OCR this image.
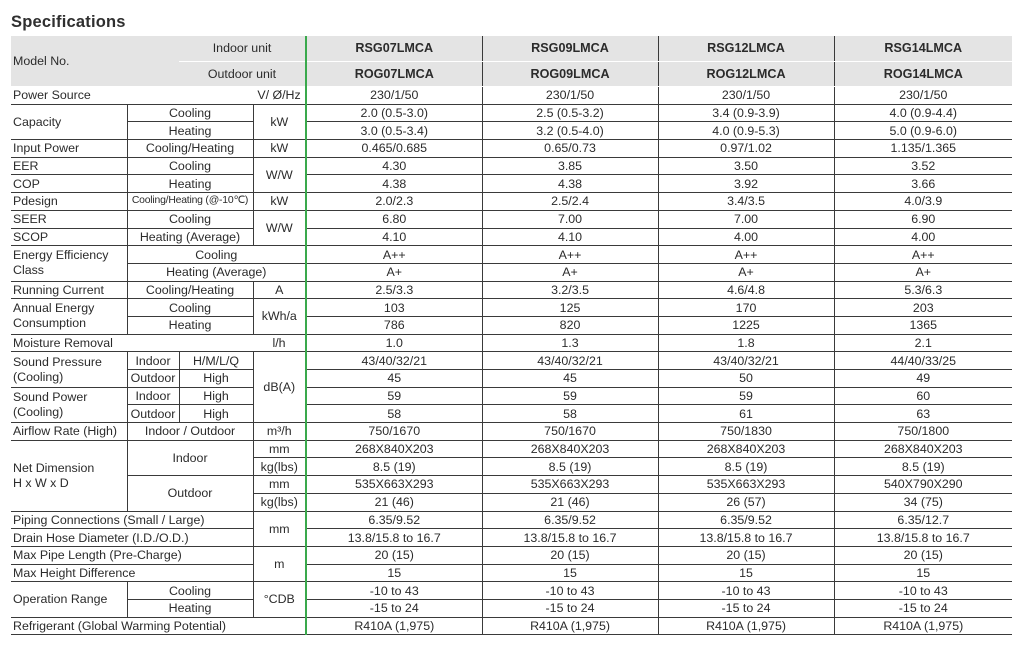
Specifications
Model No.		Indoor unit		RSG07LMCA	RSG09LMCA	RSG12LMCA	RSG14LMCA
		Outdoor unit		ROG07LMCA	ROG09LMCA	ROG12LMCA	ROG14LMCA
Power Source			V/ Ø/Hz	230/1/50	230/1/50	230/1/50	230/1/50
Capacity	Cooling		kW	2.0 (0.5-3.0)	2.5 (0.5-3.2)	3.4 (0.9-3.9)	4.0 (0.9-4.4)
	Heating			3.0 (0.5-3.4)	3.2 (0.5-4.0)	4.0 (0.9-5.3)	5.0 (0.9-6.0)
Input Power	Cooling/Heating		kW	0.465/0.685	0.65/0.73	0.97/1.02	1.135/1.365
EER	Cooling		W/W	4.30	3.85	3.50	3.52
COP	Heating			4.38	4.38	3.92	3.66
Pdesign	Cooling/Heating (@-10℃)		kW	2.0/2.3	2.5/2.4	3.4/3.5	4.0/3.9
SEER	Cooling		W/W	6.80	7.00	7.00	6.90
SCOP	Heating (Average)			4.10	4.10	4.00	4.00
Energy Efficiency
Class	Cooling			A++	A++	A++	A++
	Heating (Average)			A+	A+	A+	A+
Running Current	Cooling/Heating		A	2.5/3.3	3.2/3.5	4.6/4.8	5.3/6.3
Annual Energy
Consumption	Cooling		kWh/a	103	125	170	203
	Heating			786	820	1225	1365
Moisture Removal			l/h	1.0	1.3	1.8	2.1
Sound Pressure
(Cooling)	Indoor	H/M/L/Q	dB(A)	43/40/32/21	43/40/32/21	43/40/32/21	44/40/33/25
	Outdoor	High		45	45	50	49
Sound Power
(Cooling)	Indoor	High		59	59	59	60
	Outdoor	High		58	58	61	63
Airflow Rate (High)	Indoor / Outdoor		m³/h	750/1670	750/1670	750/1830	750/1800
Net Dimension
H x W x D	Indoor		mm	268X840X203	268X840X203	268X840X203	268X840X203
			kg(lbs)	8.5 (19)	8.5 (19)	8.5 (19)	8.5 (19)
	Outdoor		mm	535X663X293	535X663X293	535X663X293	540X790X290
			kg(lbs)	21 (46)	21 (46)	26 (57)	34 (75)
Piping Connections (Small / Large)			mm	6.35/9.52	6.35/9.52	6.35/9.52	6.35/12.7
Drain Hose Diameter (I.D./O.D.)				13.8/15.8 to 16.7	13.8/15.8 to 16.7	13.8/15.8 to 16.7	13.8/15.8 to 16.7
Max Pipe Length (Pre-Charge)			m	20 (15)	20 (15)	20 (15)	20 (15)
Max Height Difference				15	15	15	15
Operation Range	Cooling		°CDB	-10 to 43	-10 to 43	-10 to 43	-10 to 43
	Heating			-15 to 24	-15 to 24	-15 to 24	-15 to 24
Refrigerant (Global Warming Potential)				R410A (1,975)	R410A (1,975)	R410A (1,975)	R410A (1,975)
